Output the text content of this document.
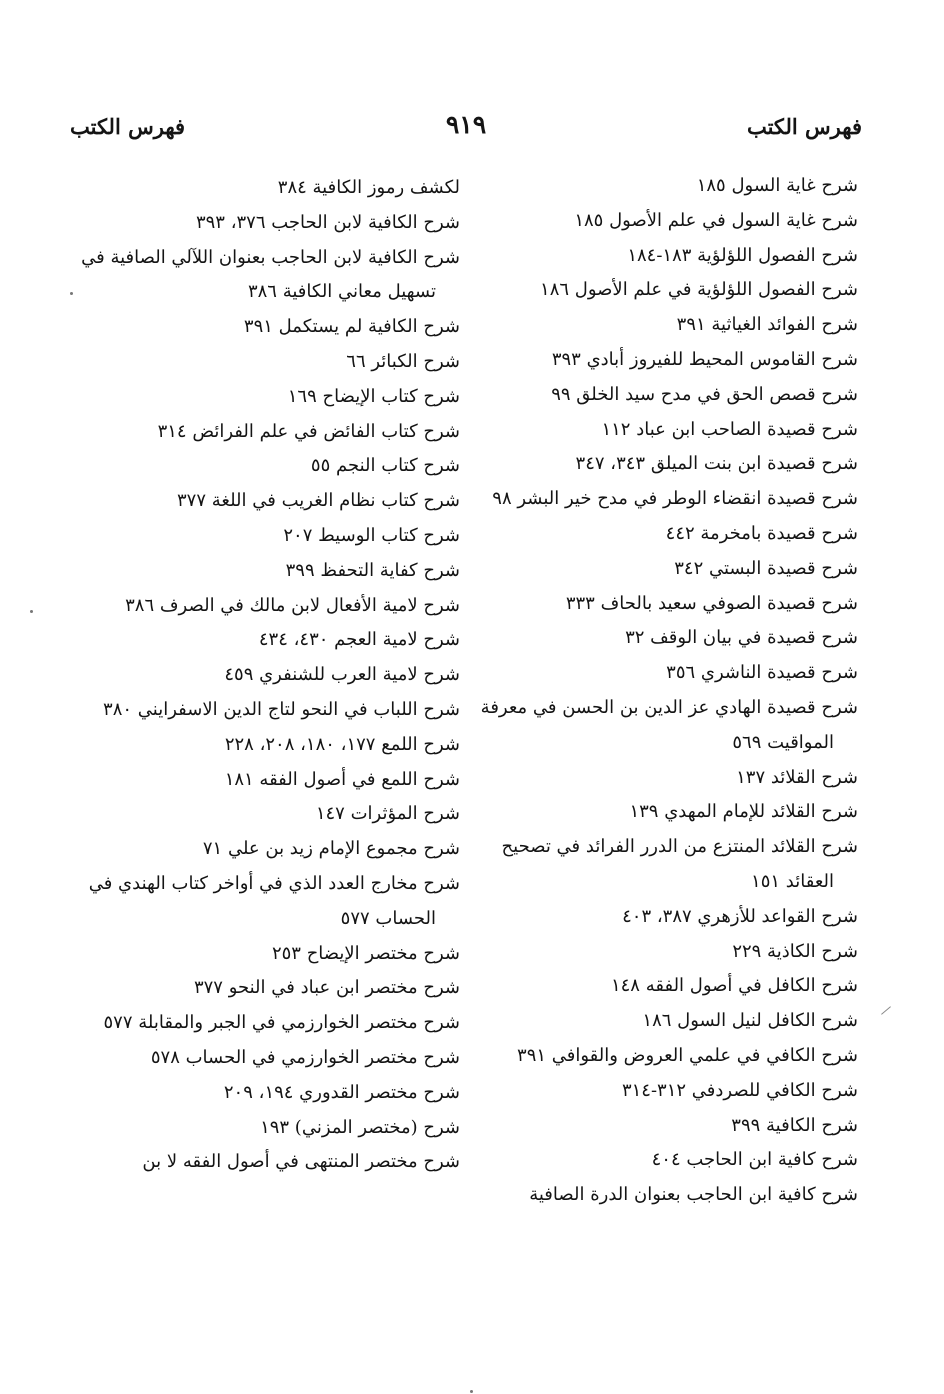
فهرس الكتب
٩١٩
فهرس الكتب
شرح غاية السول ١٨٥
شرح غاية السول في علم الأصول ١٨٥
شرح الفصول اللؤلؤية ١٨٣-١٨٤
شرح الفصول اللؤلؤية في علم الأصول ١٨٦
شرح الفوائد الغياثية ٣٩١
شرح القاموس المحيط للفيروز أبادي ٣٩٣
شرح قصص الحق في مدح سيد الخلق ٩٩
شرح قصيدة الصاحب ابن عباد ١١٢
شرح قصيدة ابن بنت الميلق ٣٤٣، ٣٤٧
شرح قصيدة انقضاء الوطر في مدح خير البشر ٩٨
شرح قصيدة بامخرمة ٤٤٢
شرح قصيدة البستي ٣٤٢
شرح قصيدة الصوفي سعيد بالحاف ٣٣٣
شرح قصيدة في بيان الوقف ٣٢
شرح قصيدة الناشري ٣٥٦
شرح قصيدة الهادي عز الدين بن الحسن في معرفة المواقيت ٥٦٩
شرح القلائد ١٣٧
شرح القلائد للإمام المهدي ١٣٩
شرح القلائد المنتزع من الدرر الفرائد في تصحيح العقائد ١٥١
شرح القواعد للأزهري ٣٨٧، ٤٠٣
شرح الكاذية ٢٢٩
شرح الكافل في أصول الفقه ١٤٨
شرح الكافل لنيل السول ١٨٦
شرح الكافي في علمي العروض والقوافي ٣٩١
شرح الكافي للصردفي ٣١٢-٣١٤
شرح الكافية ٣٩٩
شرح كافية ابن الحاجب ٤٠٤
شرح كافية ابن الحاجب بعنوان الدرة الصافية
لكشف رموز الكافية ٣٨٤
شرح الكافية لابن الحاجب ٣٧٦، ٣٩٣
شرح الكافية لابن الحاجب بعنوان اللآلي الصافية في تسهيل معاني الكافية ٣٨٦
شرح الكافية لم يستكمل ٣٩١
شرح الكبائر ٦٦
شرح كتاب الإيضاح ١٦٩
شرح كتاب الفائض في علم الفرائض ٣١٤
شرح كتاب النجم ٥٥
شرح كتاب نظام الغريب في اللغة ٣٧٧
شرح كتاب الوسيط ٢٠٧
شرح كفاية التحفظ ٣٩٩
شرح لامية الأفعال لابن مالك في الصرف ٣٨٦
شرح لامية العجم ٤٣٠، ٤٣٤
شرح لامية العرب للشنفري ٤٥٩
شرح اللباب في النحو لتاج الدين الاسفرايني ٣٨٠
شرح اللمع ١٧٧، ١٨٠، ٢٠٨، ٢٢٨
شرح اللمع في أصول الفقه ١٨١
شرح المؤثرات ١٤٧
شرح مجموع الإمام زيد بن علي ٧١
شرح مخارج العدد الذي في أواخر كتاب الهندي في الحساب ٥٧٧
شرح مختصر الإيضاح ٢٥٣
شرح مختصر ابن عباد في النحو ٣٧٧
شرح مختصر الخوارزمي في الجبر والمقابلة ٥٧٧
شرح مختصر الخوارزمي في الحساب ٥٧٨
شرح مختصر القدوري ١٩٤، ٢٠٩
شرح (مختصر المزني) ١٩٣
شرح مختصر المنتهى في أصول الفقه لا بن
